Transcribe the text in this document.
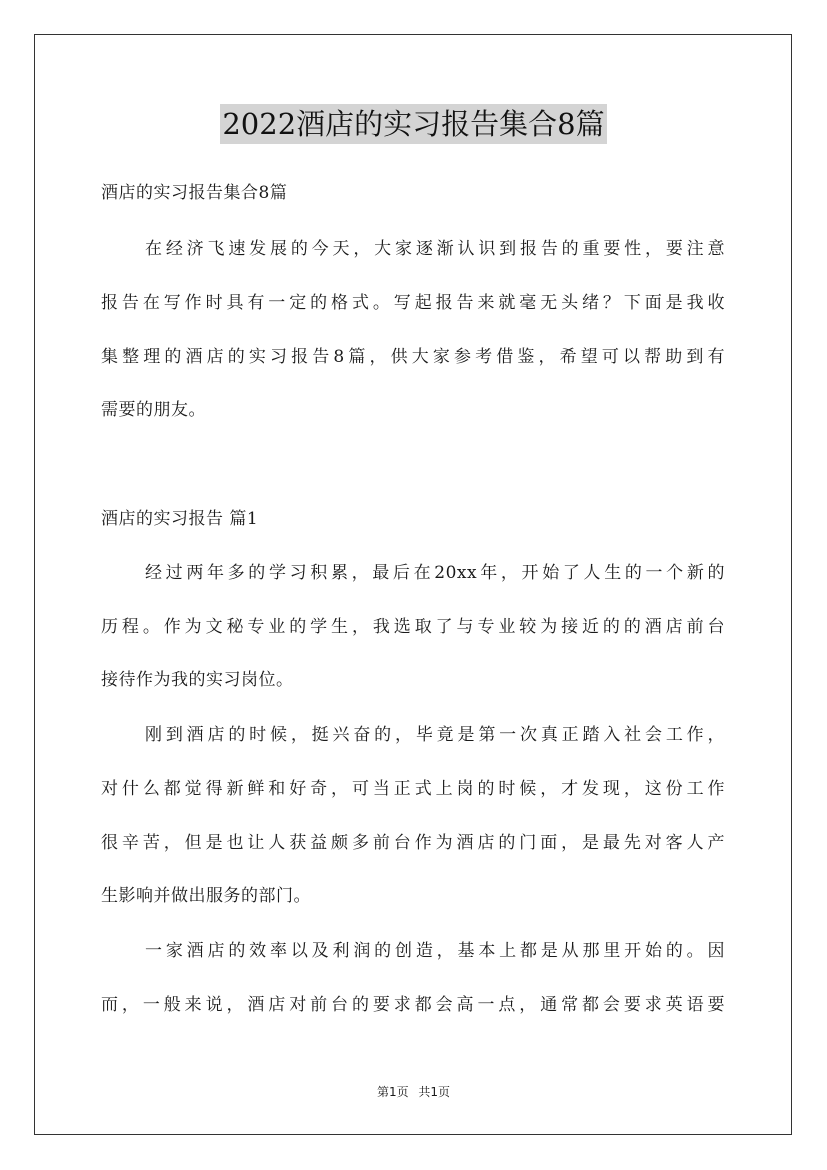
2022酒店的实习报告集合8篇
酒店的实习报告集合8篇
在经济飞速发展的今天，大家逐渐认识到报告的重要性，要注意
报告在写作时具有一定的格式。写起报告来就毫无头绪？下面是我收
集整理的酒店的实习报告8篇，供大家参考借鉴，希望可以帮助到有
需要的朋友。
酒店的实习报告 篇1
经过两年多的学习积累，最后在20xx年，开始了人生的一个新的
历程。作为文秘专业的学生，我选取了与专业较为接近的的酒店前台
接待作为我的实习岗位。
刚到酒店的时候，挺兴奋的，毕竟是第一次真正踏入社会工作，
对什么都觉得新鲜和好奇，可当正式上岗的时候，才发现，这份工作
很辛苦，但是也让人获益颇多前台作为酒店的门面，是最先对客人产
生影响并做出服务的部门。
一家酒店的效率以及利润的创造，基本上都是从那里开始的。因
而，一般来说，酒店对前台的要求都会高一点，通常都会要求英语要
第1页 共1页
